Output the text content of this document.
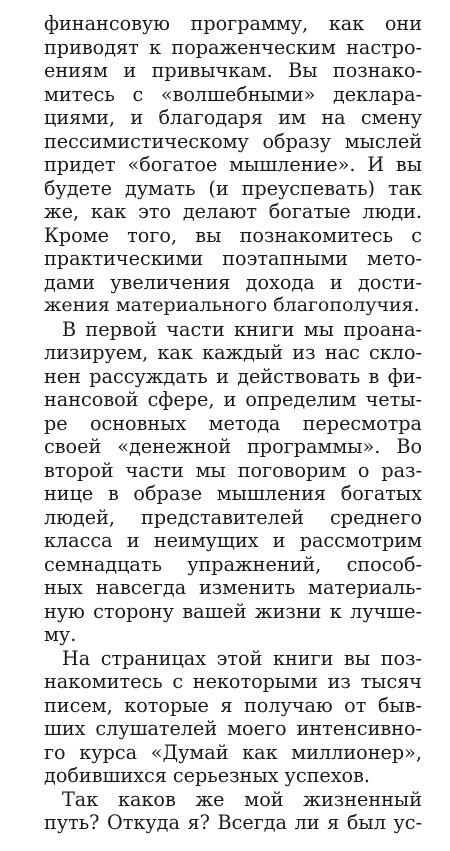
финансовую программу, как они
приводят к пораженческим настро-
ениям и привычкам. Вы познако-
митесь с «волшебными» деклара-
циями, и благодаря им на смену
пессимистическому образу мыслей
придет «богатое мышление». И вы
будете думать (и преуспевать) так
же, как это делают богатые люди.
Кроме того, вы познакомитесь с
практическими поэтапными мето-
дами увеличения дохода и дости-
жения материального благополучия.
В первой части книги мы проана-
лизируем, как каждый из нас скло-
нен рассуждать и действовать в фи-
нансовой сфере, и определим четы-
ре основных метода пересмотра
своей «денежной программы». Во
второй части мы поговорим о раз-
нице в образе мышления богатых
людей, представителей среднего
класса и неимущих и рассмотрим
семнадцать упражнений, способ-
ных навсегда изменить материаль-
ную сторону вашей жизни к лучше-
му.
На страницах этой книги вы поз-
накомитесь с некоторыми из тысяч
писем, которые я получаю от быв-
ших слушателей моего интенсивно-
го курса «Думай как миллионер»,
добившихся серьезных успехов.
Так каков же мой жизненный
путь? Откуда я? Всегда ли я был ус-
